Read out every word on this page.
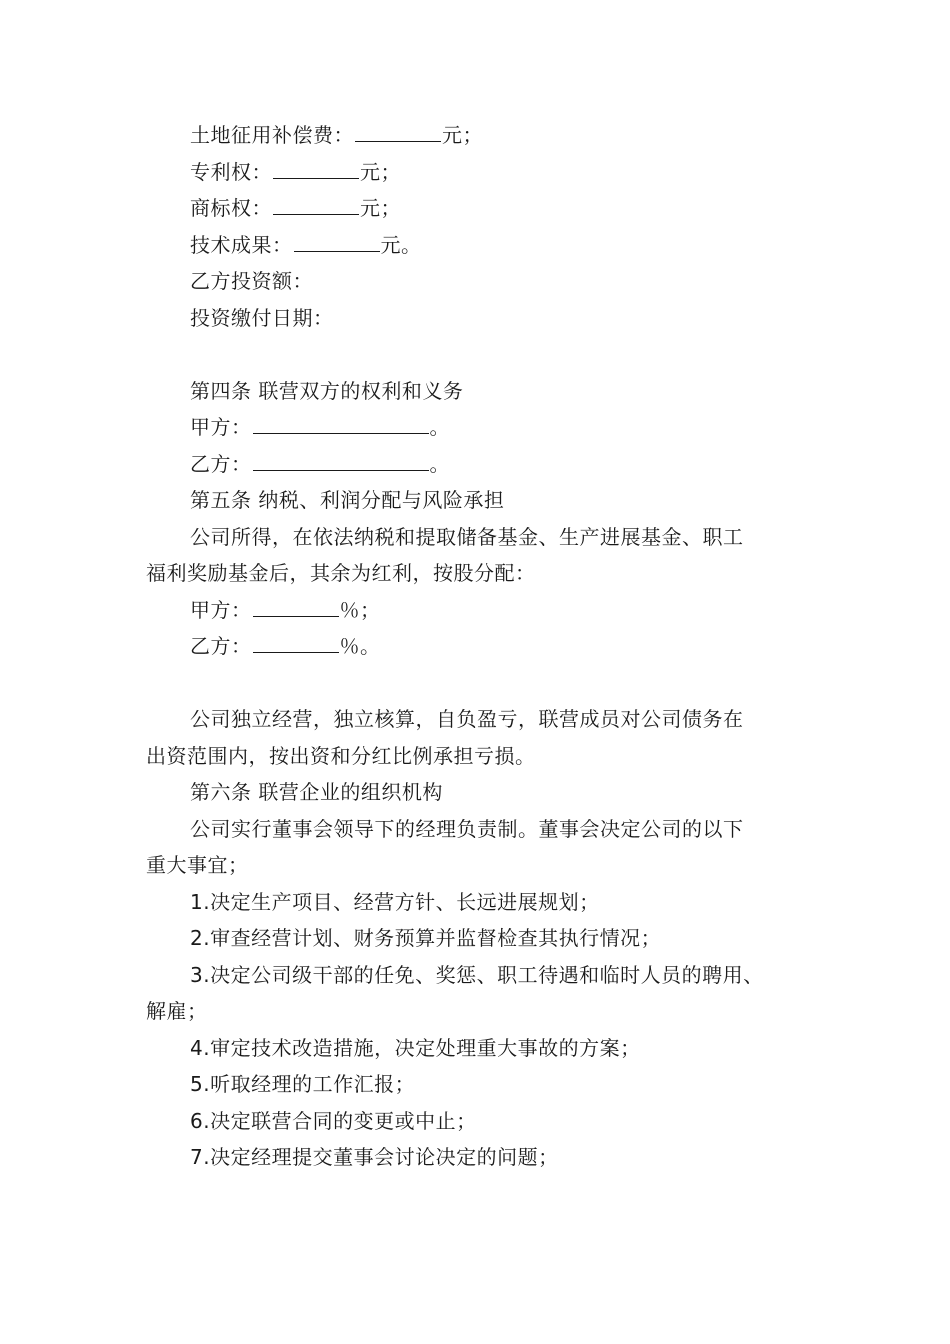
土地征用补偿费：	元；
专利权：	元；
商标权：	元；
技术成果：	元。
乙方投资额：
投资缴付日期：
第四条 联营双方的权利和义务
甲方：	。
乙方：	。
第五条 纳税、利润分配与风险承担
公司所得，在依法纳税和提取储备基金、生产进展基金、职工
福利奖励基金后，其余为红利，按股分配：
甲方：	％；
乙方：	％。
公司独立经营，独立核算，自负盈亏，联营成员对公司债务在
出资范围内，按出资和分红比例承担亏损。
第六条 联营企业的组织机构
公司实行董事会领导下的经理负责制。董事会决定公司的以下
重大事宜；
1.决定生产项目、经营方针、长远进展规划；
2.审查经营计划、财务预算并监督检查其执行情况；
3.决定公司级干部的任免、奖惩、职工待遇和临时人员的聘用、
解雇；
4.审定技术改造措施，决定处理重大事故的方案；
5.听取经理的工作汇报；
6.决定联营合同的变更或中止；
7.决定经理提交董事会讨论决定的问题；
